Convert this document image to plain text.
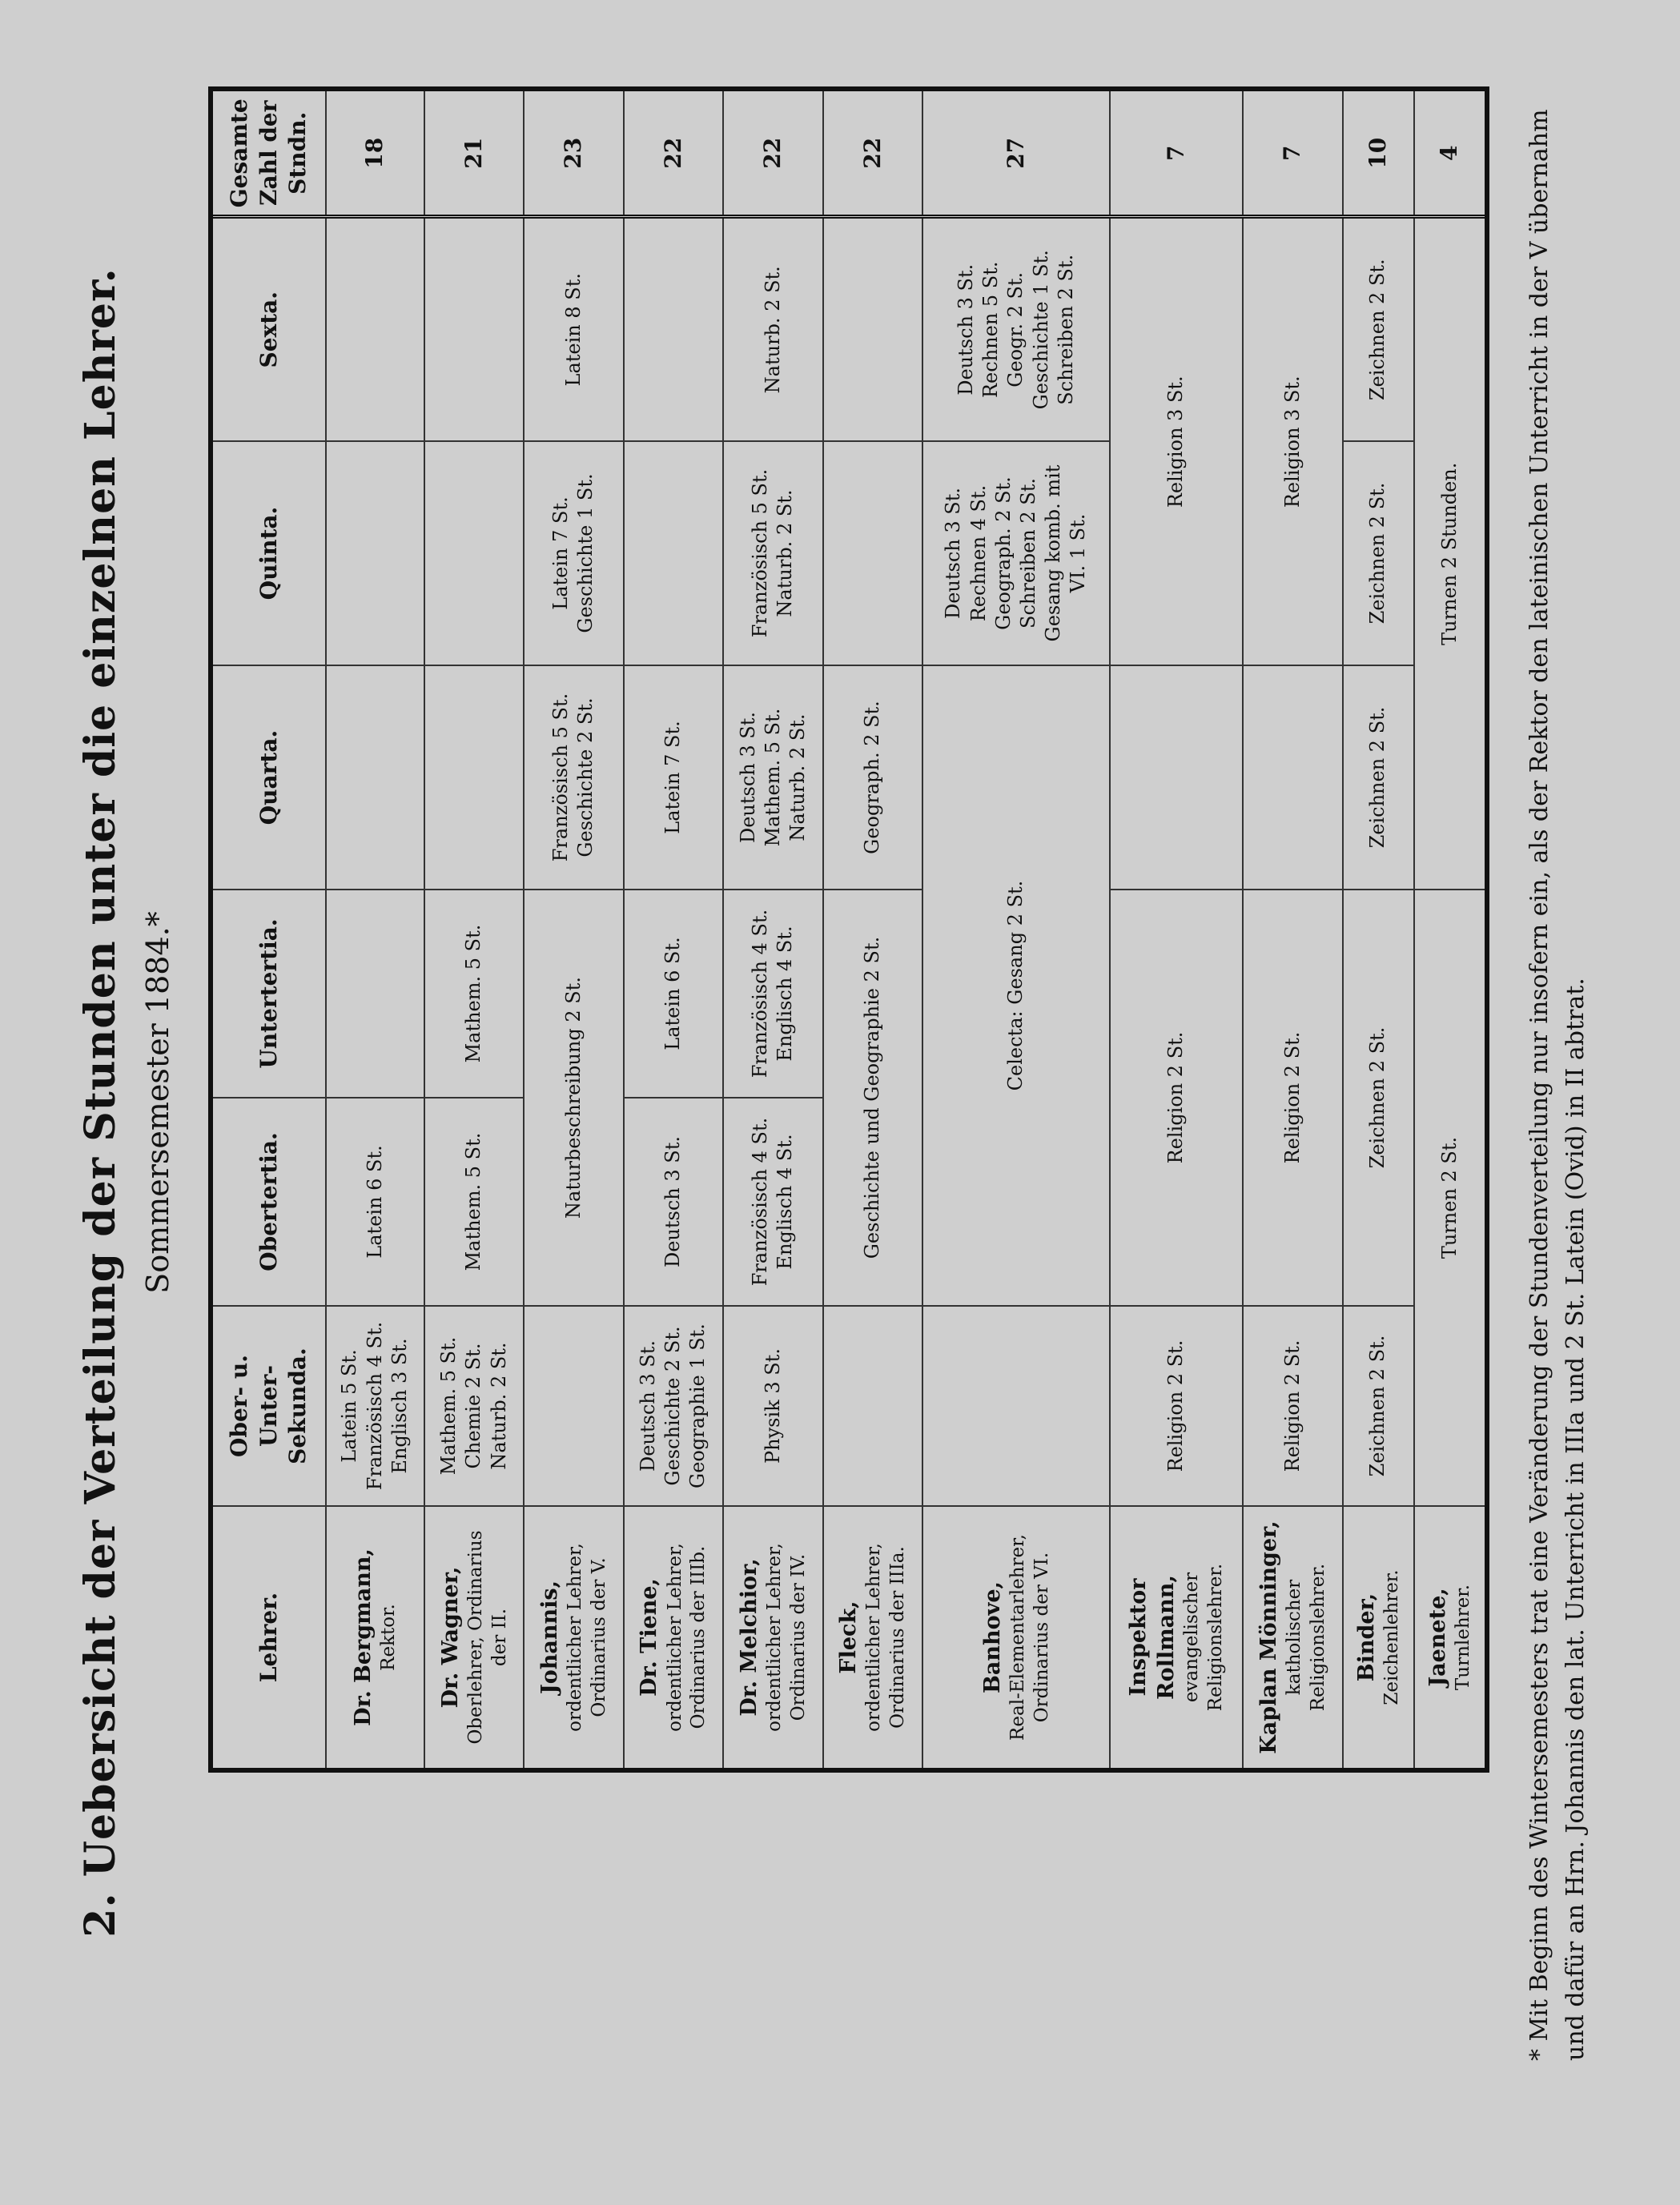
2. Uebersicht der Verteilung der Stunden unter die einzelnen Lehrer. Sommersemester 1884.*
Lehrer.	Ober- u. Unter-Sekunda.	Obertertia.	Untertertia.	Quarta.	Quinta.	Sexta.	Gesamte Zahl der Stndn.

Dr. Bergmann, Rektor.	Latein 5 St. Französisch 4 St. Englisch 3 St.	Latein 6 St.					18

Dr. Wagner, Oberlehrer, Ordinarius der II.	Mathem. 5 St. Chemie 2 St. Naturb. 2 St.	Mathem. 5 St.	Mathem. 5 St.				21

Johannis, ordentlicher Lehrer, Ordinarius der V.		Naturbeschreibung 2 St.		Französisch 5 St. Geschichte 2 St.	Latein 7 St. Geschichte 1 St.	Latein 8 St.	23

Dr. Tiene, ordentlicher Lehrer, Ordinarius der IIIb.	Deutsch 3 St. Geschichte 2 St. Geographie 1 St.	Deutsch 3 St.	Latein 6 St.	Latein 7 St.			22

Dr. Melchior, ordentlicher Lehrer, Ordinarius der IV.	Physik 3 St.	Französisch 4 St. Englisch 4 St.	Französisch 4 St. Englisch 4 St.	Deutsch 3 St. Mathem. 5 St. Naturb. 2 St.	Französisch 5 St. Naturb. 2 St.	Naturb. 2 St.	22

Fleck, ordentlicher Lehrer, Ordinarius der IIIa.		Geschichte und Geographie 2 St.		Geograph. 2 St.			22

Banhove, Real-Elementarlehrer, Ordinarius der VI.		Celecta: Gesang 2 St.			Deutsch 3 St. Rechnen 4 St. Geograph. 2 St. Schreiben 2 St. Gesang komb. mit VI. 1 St.	Deutsch 3 St. Rechnen 5 St. Geogr. 2 St. Geschichte 1 St. Schreiben 2 St.	27

Inspektor Rollmann, evangelischer Religionslehrer.	Religion 2 St.	Religion 2 St.			Religion 3 St.		7

Kaplan Mönninger, katholischer Religionslehrer.	Religion 2 St.	Religion 2 St.			Religion 3 St.		7

Binder, Zeichenlehrer.	Zeichnen 2 St.	Zeichnen 2 St.		Zeichnen 2 St.	Zeichnen 2 St.	Zeichnen 2 St.	10

Jaenete, Turnlehrer.	Turnen 2 St.			Turnen 2 Stunden.			4	* Mit Beginn des Wintersemesters trat eine Veränderung der Stundenverteilung nur insofern ein, als der Rektor den lateinischen Unterricht in der V übernahm und dafür an Hrn. Johannis den lat. Unterricht in IIIa und 2 St. Latein (Ovid) in II abtrat.
